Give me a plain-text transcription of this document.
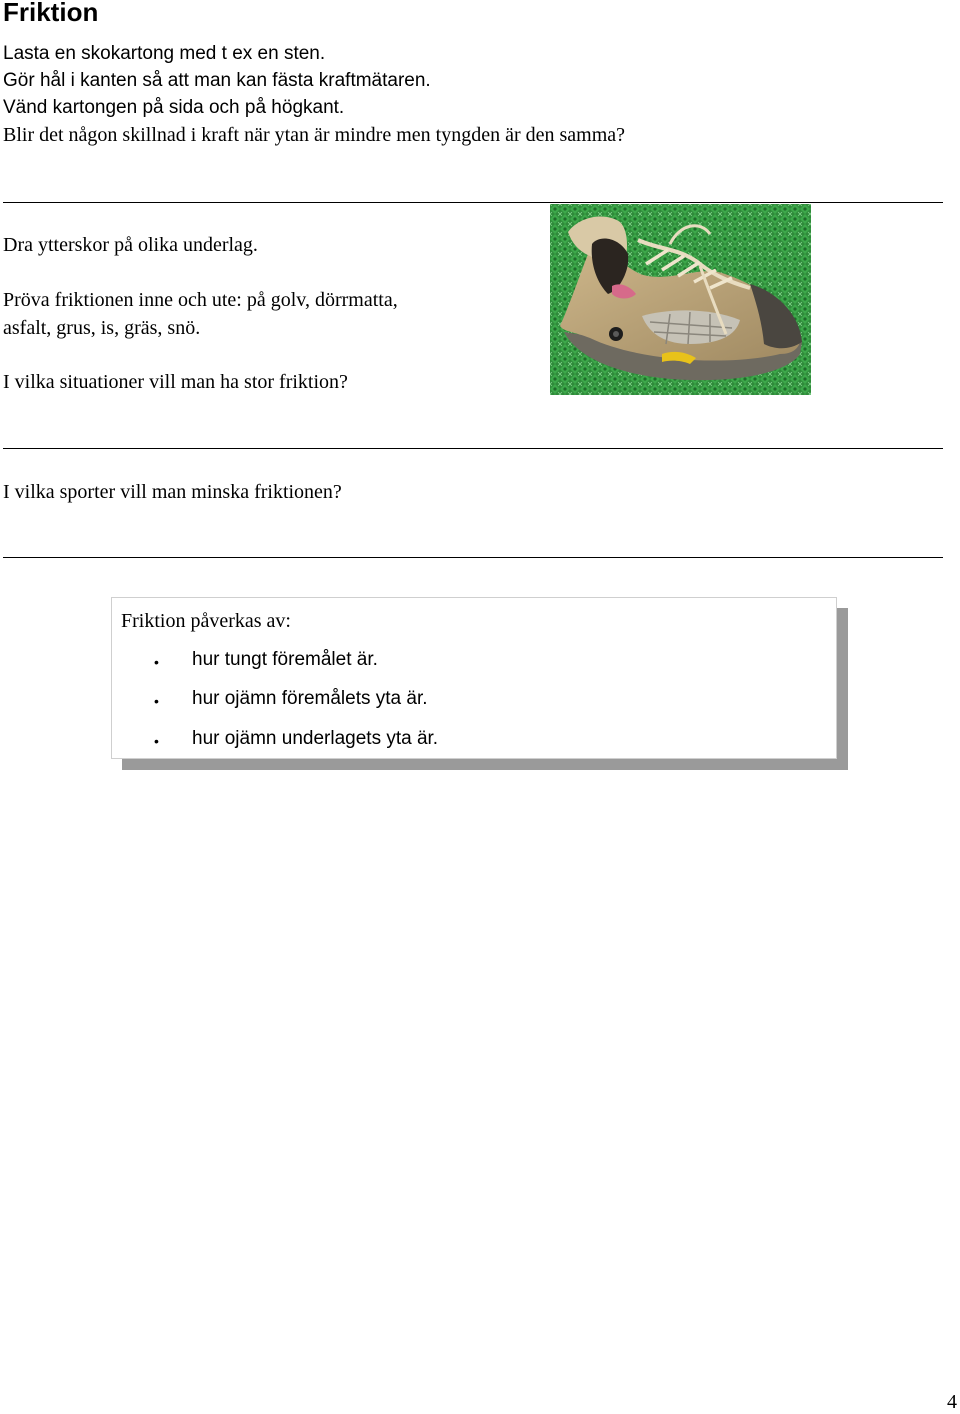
Friktion
Lasta en skokartong med t ex en sten.
Gör hål i kanten så att man kan fästa kraftmätaren.
Vänd kartongen på sida och på högkant.
Blir det någon skillnad i kraft när ytan är mindre men tyngden är den samma?
Dra ytterskor på olika underlag.
Pröva friktionen inne och ute: på golv, dörrmatta,
asfalt, grus, is, gräs, snö.
I vilka situationer vill man ha stor friktion?
I vilka sporter vill man minska friktionen?
Friktion påverkas av:
• hur tungt föremålet är.
• hur ojämn föremålets yta är.
• hur ojämn underlagets yta är.
4
